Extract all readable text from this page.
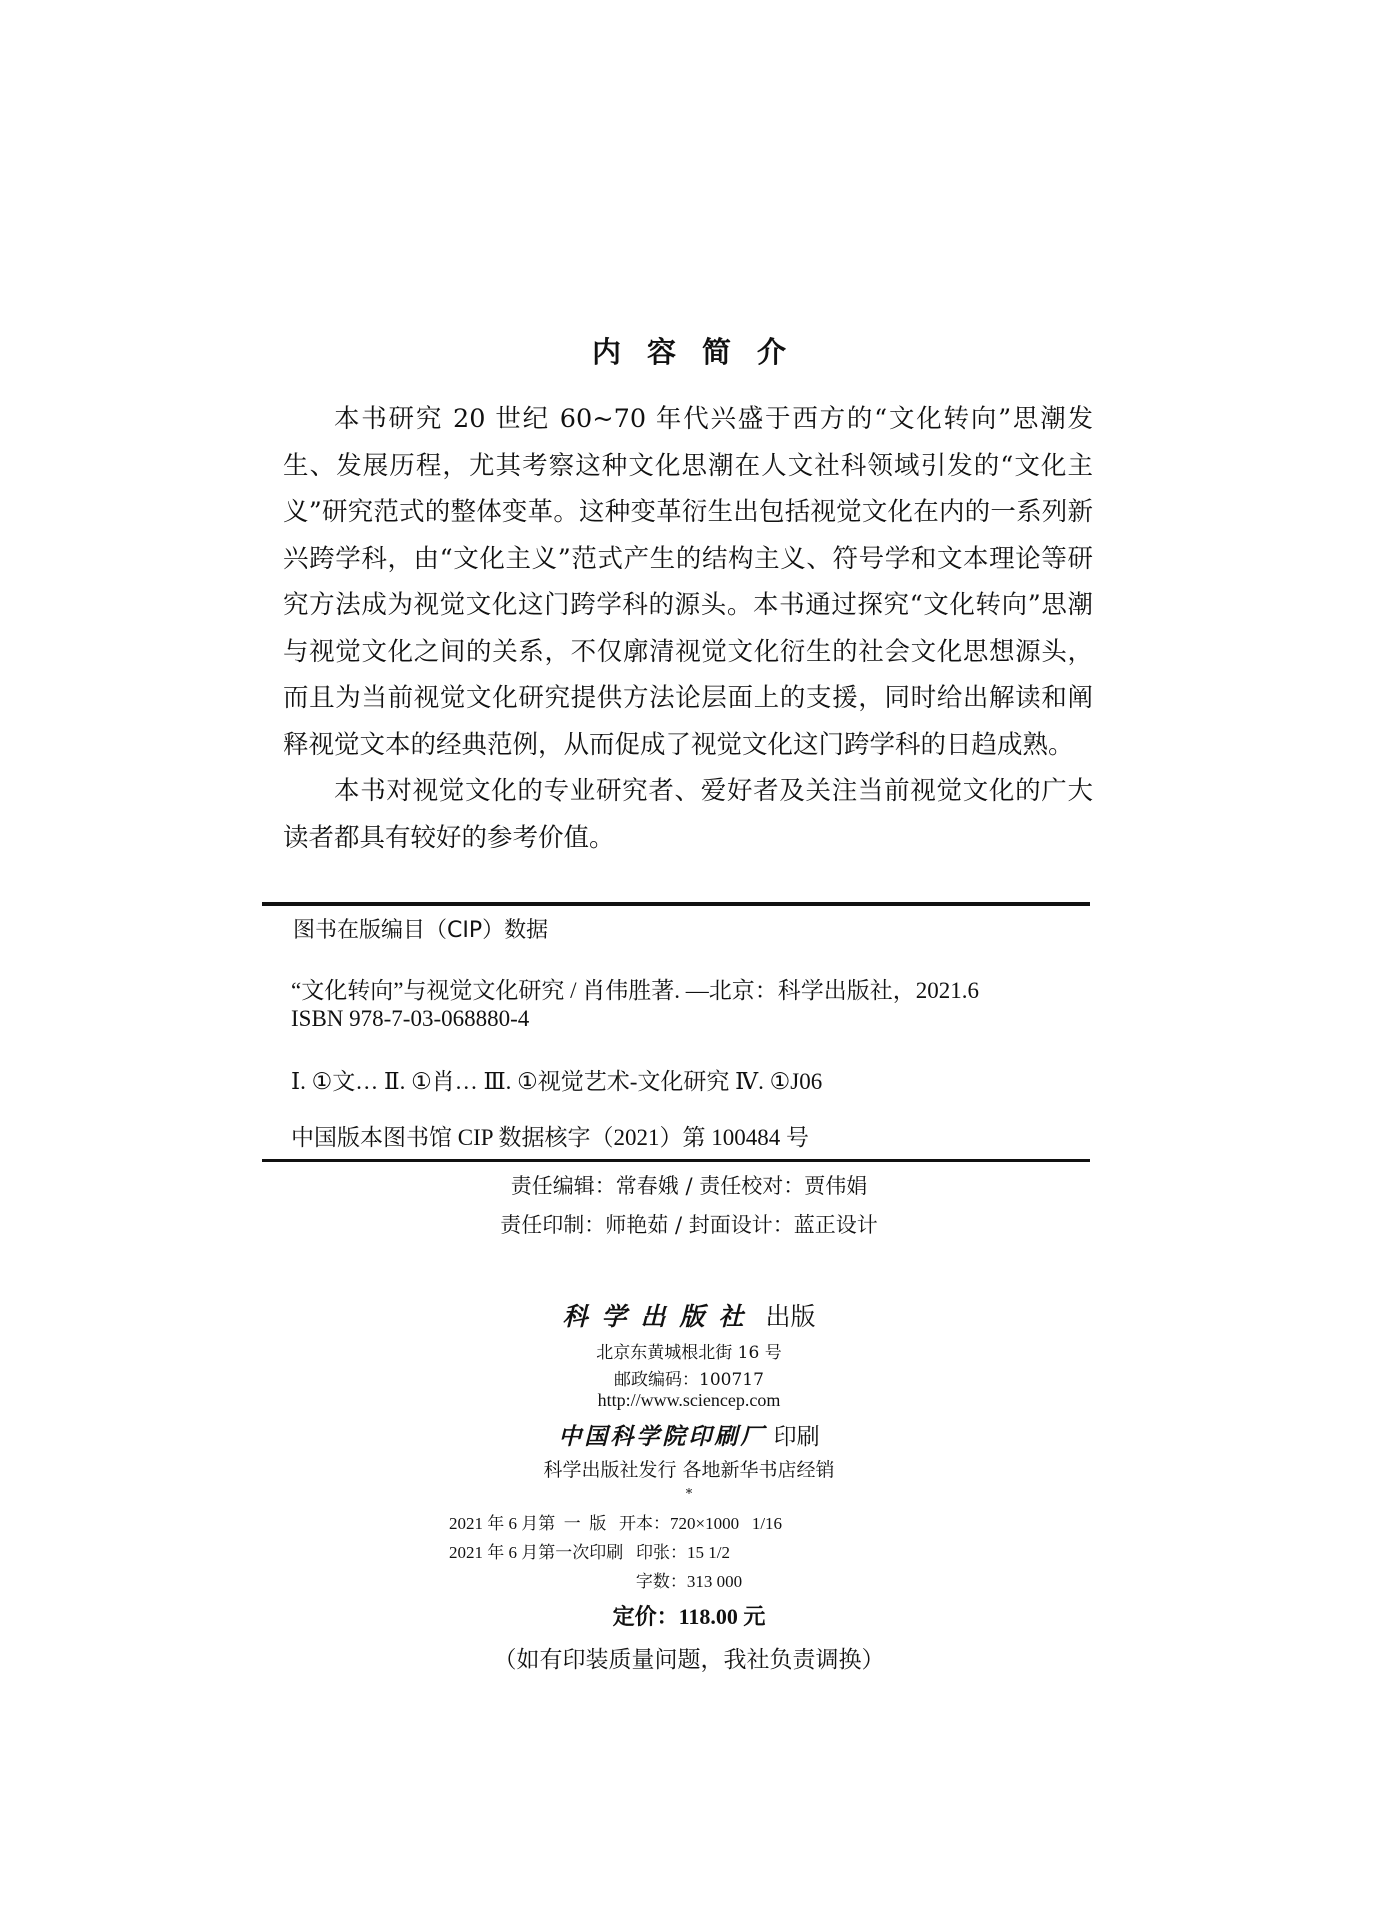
内容简介

本书研究 20 世纪 60~70 年代兴盛于西方的“文化转向”思潮发生、发展历程，尤其考察这种文化思潮在人文社科领域引发的“文化主义”研究范式的整体变革。这种变革衍生出包括视觉文化在内的一系列新兴跨学科，由“文化主义”范式产生的结构主义、符号学和文本理论等研究方法成为视觉文化这门跨学科的源头。本书通过探究“文化转向”思潮与视觉文化之间的关系，不仅廓清视觉文化衍生的社会文化思想源头，而且为当前视觉文化研究提供方法论层面上的支援，同时给出解读和阐释视觉文本的经典范例，从而促成了视觉文化这门跨学科的日趋成熟。

本书对视觉文化的专业研究者、爱好者及关注当前视觉文化的广大读者都具有较好的参考价值。

图书在版编目（CIP）数据
“文化转向”与视觉文化研究 / 肖伟胜著. —北京：科学出版社，2021.6
ISBN 978-7-03-068880-4
Ⅰ. ①文… Ⅱ. ①肖… Ⅲ. ①视觉艺术-文化研究 Ⅳ. ①J06
中国版本图书馆 CIP 数据核字（2021）第 100484 号
责任编辑：常春娥 / 责任校对：贾伟娟
责任印制：师艳茹 / 封面设计：蓝正设计
科学出版社 出版
北京东黄城根北街 16 号
邮政编码：100717
http://www.sciencep.com
中国科学院印刷厂 印刷
科学出版社发行 各地新华书店经销
*
2021 年 6 月第  一  版   开本：720×1000   1/16
2021 年 6 月第一次印刷   印张：15 1/2
字数：313 000
定价：118.00 元
（如有印装质量问题，我社负责调换）
